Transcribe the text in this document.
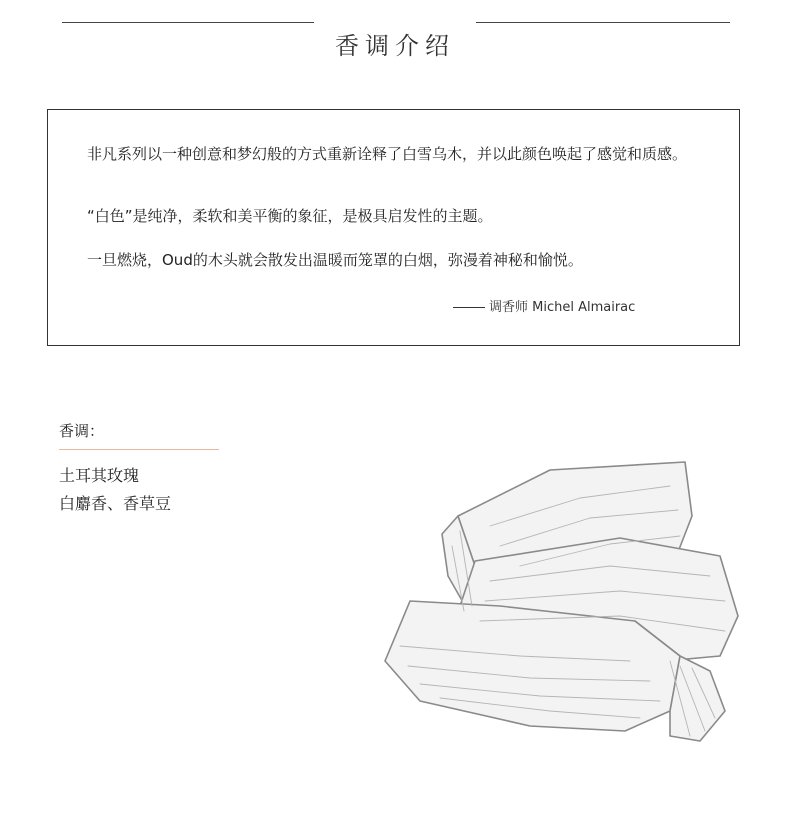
香调介绍

非凡系列以一种创意和梦幻般的方式重新诠释了白雪乌木，并以此颜色唤起了感觉和质感。

“白色”是纯净，柔软和美平衡的象征，是极具启发性的主题。

一旦燃烧，Oud的木头就会散发出温暖而笼罩的白烟，弥漫着神秘和愉悦。

调香师 Michel Almairac

香调：

土耳其玫瑰
白麝香、香草豆
